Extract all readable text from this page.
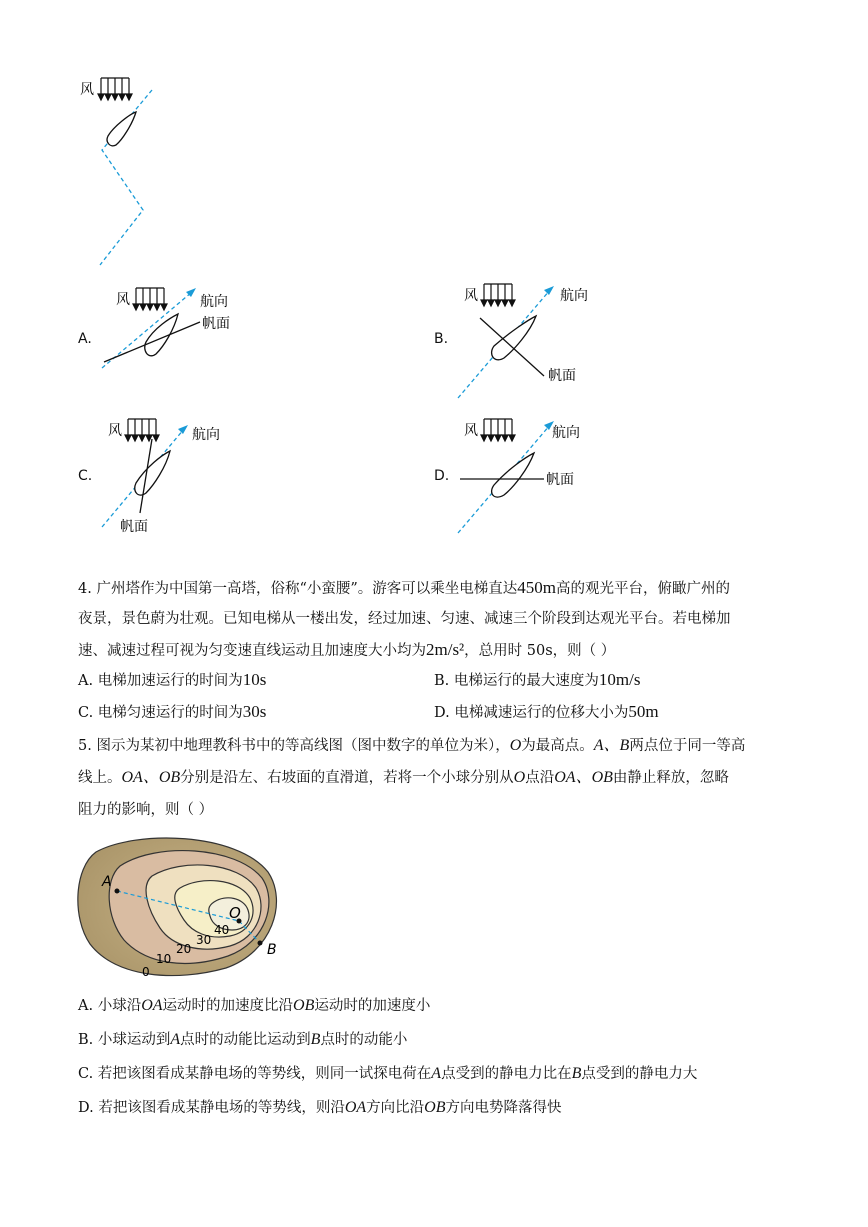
风
A.
风	航向
帆面
B.
风	航向
帆面
C.
风	航向
帆面
D.
风	航向
帆面
4. 广州塔作为中国第一高塔，俗称“小蛮腰”。游客可以乘坐电梯直达450m高的观光平台，俯瞰广州的
夜景，景色蔚为壮观。已知电梯从一楼出发，经过加速、匀速、减速三个阶段到达观光平台。若电梯加
速、减速过程可视为匀变速直线运动且加速度大小均为2m/s²，总用时 50s，则（ ）
A. 电梯加速运行的时间为10s	B. 电梯运行的最大速度为10m/s
C. 电梯匀速运行的时间为30s	D. 电梯减速运行的位移大小为50m
5. 图示为某初中地理教科书中的等高线图（图中数字的单位为米），O为最高点。A、B两点位于同一等高
线上。OA、OB分别是沿左、右坡面的直滑道，若将一个小球分别从O点沿OA、OB由静止释放，忽略
阻力的影响，则（ ）
A
O
B
0
10
20
30
40
A. 小球沿OA运动时的加速度比沿OB运动时的加速度小
B. 小球运动到A点时的动能比运动到B点时的动能小
C. 若把该图看成某静电场的等势线，则同一试探电荷在A点受到的静电力比在B点受到的静电力大
D. 若把该图看成某静电场的等势线，则沿OA方向比沿OB方向电势降落得快
